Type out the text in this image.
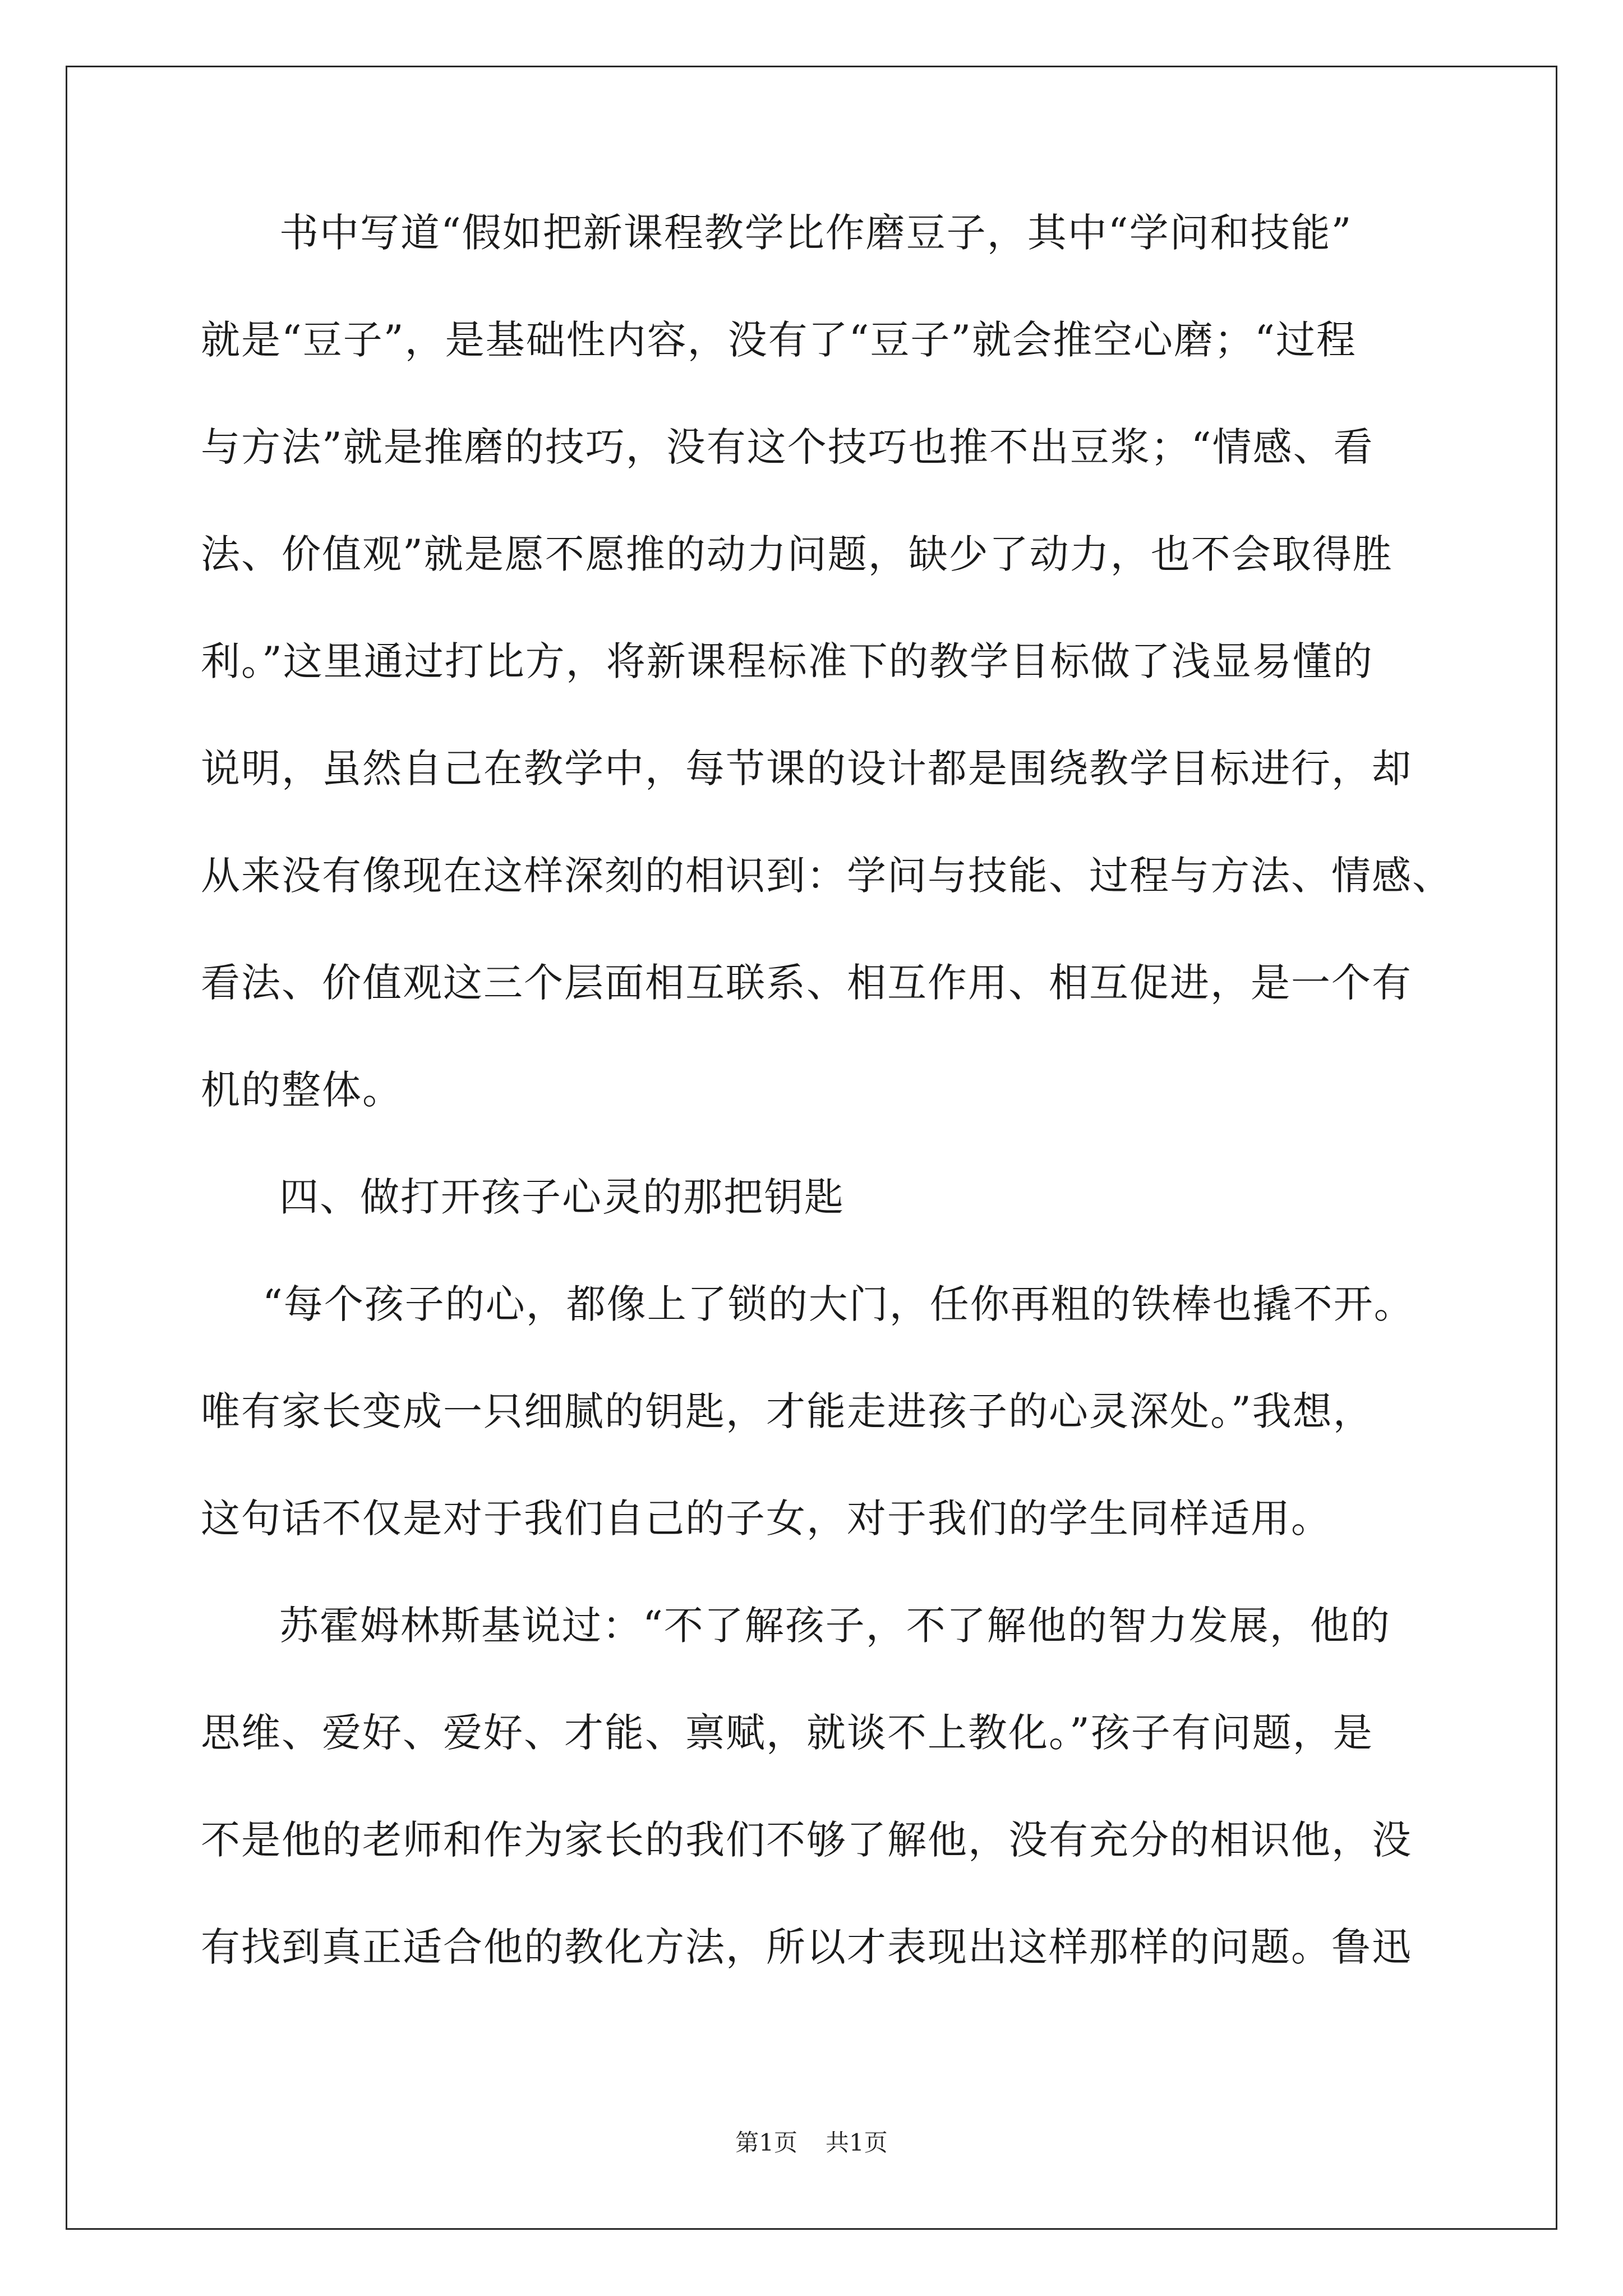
书中写道“假如把新课程教学比作磨豆子，其中“学问和技能”
就是“豆子”，是基础性内容，没有了“豆子”就会推空心磨；“过程
与方法”就是推磨的技巧，没有这个技巧也推不出豆浆；“情感、看
法、价值观”就是愿不愿推的动力问题，缺少了动力，也不会取得胜
利。”这里通过打比方，将新课程标准下的教学目标做了浅显易懂的
说明，虽然自己在教学中，每节课的设计都是围绕教学目标进行，却
从来没有像现在这样深刻的相识到：学问与技能、过程与方法、情感、
看法、价值观这三个层面相互联系、相互作用、相互促进，是一个有
机的整体。
四、做打开孩子心灵的那把钥匙
“每个孩子的心，都像上了锁的大门，任你再粗的铁棒也撬不开。
唯有家长变成一只细腻的钥匙，才能走进孩子的心灵深处。”我想，
这句话不仅是对于我们自己的子女，对于我们的学生同样适用。
苏霍姆林斯基说过：“不了解孩子，不了解他的智力发展，他的
思维、爱好、爱好、才能、禀赋，就谈不上教化。”孩子有问题，是
不是他的老师和作为家长的我们不够了解他，没有充分的相识他，没
有找到真正适合他的教化方法，所以才表现出这样那样的问题。鲁迅
第1页 共1页
